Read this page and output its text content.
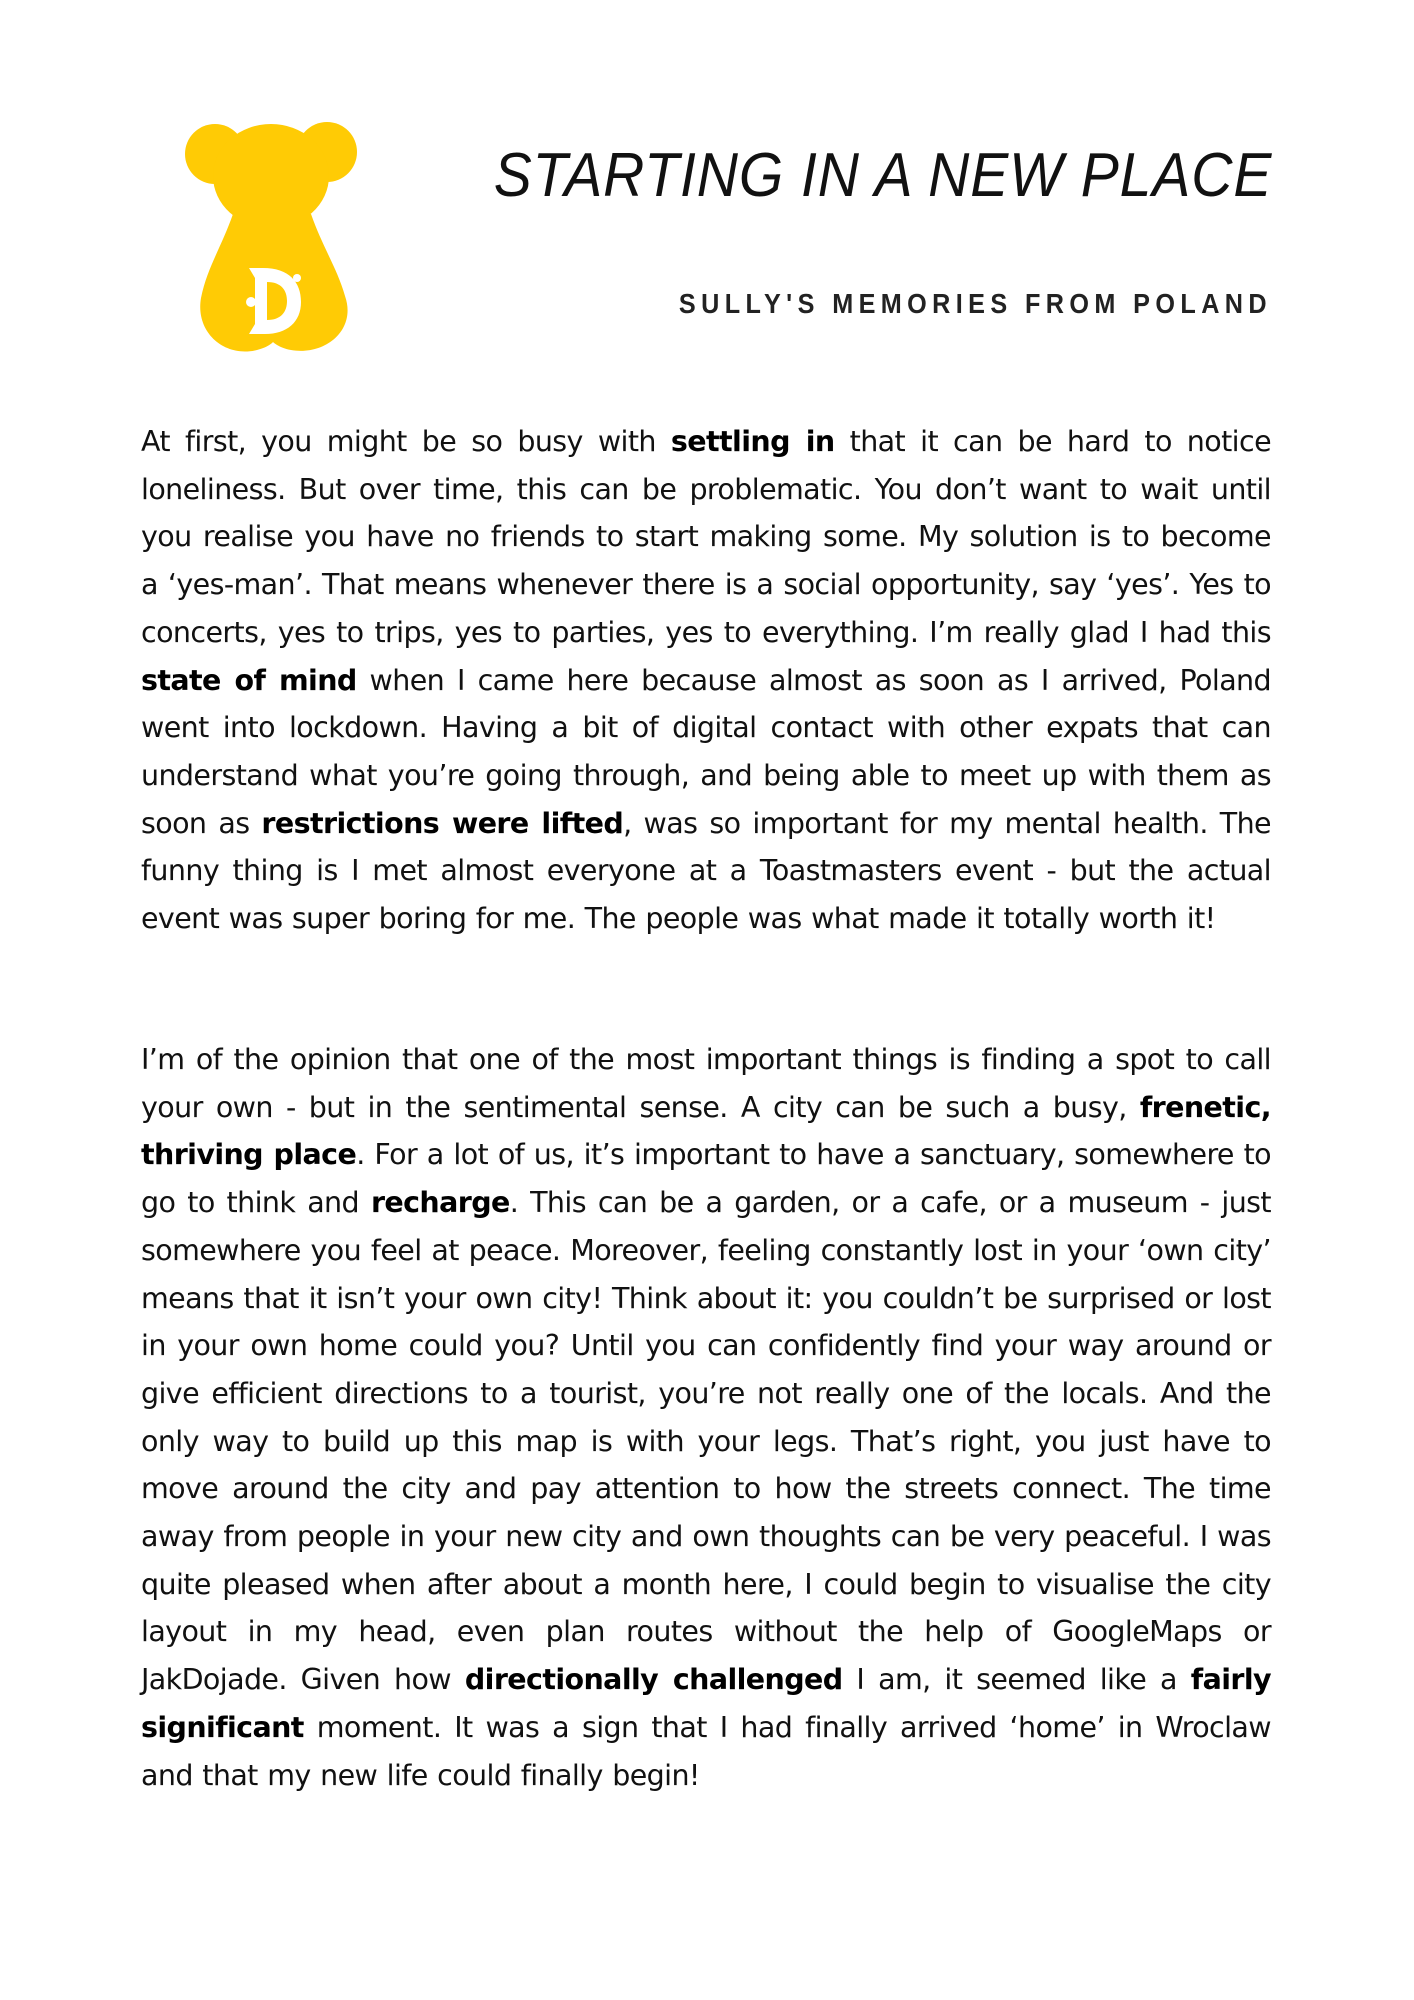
STARTING IN A NEW PLACE
SULLY'S MEMORIES FROM POLAND

At first, you might be so busy with settling in that it can be hard to notice loneliness. But over time, this can be problematic. You don’t want to wait until you realise you have no friends to start making some. My solution is to become a ‘yes-man’. That means whenever there is a social opportunity, say ‘yes’. Yes to concerts, yes to trips, yes to parties, yes to everything. I’m really glad I had this state of mind when I came here because almost as soon as I arrived, Poland went into lockdown. Having a bit of digital contact with other expats that can understand what you’re going through, and being able to meet up with them as soon as restrictions were lifted, was so important for my mental health. The funny thing is I met almost everyone at a Toastmasters event - but the actual event was super boring for me. The people was what made it totally worth it!

I’m of the opinion that one of the most important things is finding a spot to call your own - but in the sentimental sense. A city can be such a busy, frenetic, thriving place. For a lot of us, it’s important to have a sanctuary, somewhere to go to think and recharge. This can be a garden, or a cafe, or a museum - just somewhere you feel at peace. Moreover, feeling constantly lost in your ‘own city’ means that it isn’t your own city! Think about it: you couldn’t be surprised or lost in your own home could you? Until you can confidently find your way around or give efficient directions to a tourist, you’re not really one of the locals. And the only way to build up this map is with your legs. That’s right, you just have to move around the city and pay attention to how the streets connect. The time away from people in your new city and own thoughts can be very peaceful. I was quite pleased when after about a month here, I could begin to visualise the city layout in my head, even plan routes without the help of GoogleMaps or JakDojade. Given how directionally challenged I am, it seemed like a fairly significant moment. It was a sign that I had finally arrived ‘home’ in Wroclaw and that my new life could finally begin!
